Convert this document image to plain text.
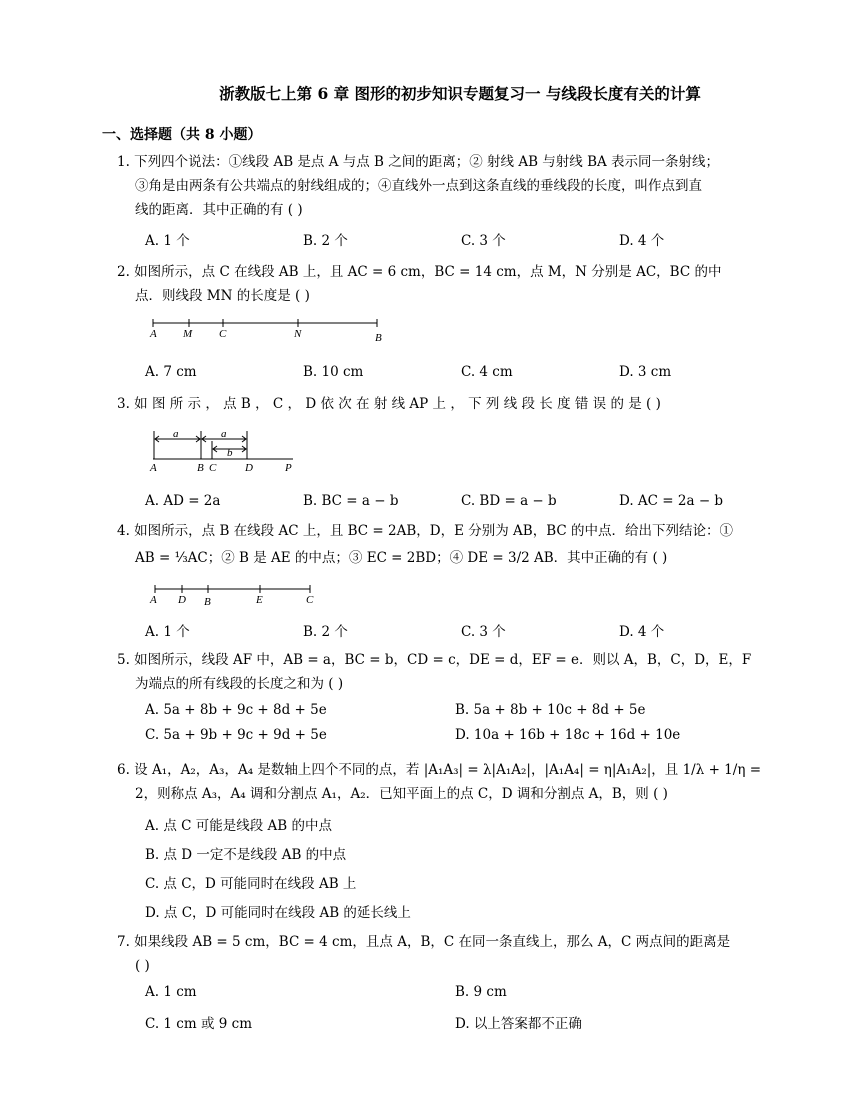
浙教版七上第 6 章 图形的初步知识专题复习一 与线段长度有关的计算
一、选择题（共 8 小题）
1. 下列四个说法：①线段 AB 是点 A 与点 B 之间的距离；② 射线 AB 与射线 BA 表示同一条射线；
③角是由两条有公共端点的射线组成的；④直线外一点到这条直线的垂线段的长度，叫作点到直
线的距离．其中正确的有 ( )
A. 1 个	B. 2 个	C. 3 个	D. 4 个
2. 如图所示，点 C 在线段 AB 上，且 AC = 6 cm，BC = 14 cm，点 M，N 分别是 AC，BC 的中
点．则线段 MN 的长度是 ( )
A M C	N	B
A. 7 cm	B. 10 cm	C. 4 cm	D. 3 cm
3. 如 图 所 示 ， 点 B ， C ， D 依 次 在 射 线 AP 上 ， 下 列 线 段 长 度 错 误 的 是 ( )
a	a
b
A	B C	D	P
A. AD = 2a	B. BC = a − b	C. BD = a − b	D. AC = 2a − b
4. 如图所示，点 B 在线段 AC 上，且 BC = 2AB，D，E 分别为 AB，BC 的中点．给出下列结论：①
AB = ⅓AC；② B 是 AE 的中点；③ EC = 2BD；④ DE = 3/2 AB．其中正确的有 ( )
A D B	E	C
A. 1 个	B. 2 个	C. 3 个	D. 4 个
5. 如图所示，线段 AF 中，AB = a，BC = b，CD = c，DE = d，EF = e．则以 A，B，C，D，E，F
为端点的所有线段的长度之和为 ( )
A. 5a + 8b + 9c + 8d + 5e	B. 5a + 8b + 10c + 8d + 5e
C. 5a + 9b + 9c + 9d + 5e	D. 10a + 16b + 18c + 16d + 10e
6. 设 A₁，A₂，A₃，A₄ 是数轴上四个不同的点，若 |A₁A₃| = λ|A₁A₂|，|A₁A₄| = η|A₁A₂|，且 1/λ + 1/η =
2，则称点 A₃，A₄ 调和分割点 A₁，A₂．已知平面上的点 C，D 调和分割点 A，B，则 ( )
A. 点 C 可能是线段 AB 的中点
B. 点 D 一定不是线段 AB 的中点
C. 点 C，D 可能同时在线段 AB 上
D. 点 C，D 可能同时在线段 AB 的延长线上
7. 如果线段 AB = 5 cm，BC = 4 cm，且点 A，B，C 在同一条直线上，那么 A，C 两点间的距离是
( )
A. 1 cm	B. 9 cm
C. 1 cm 或 9 cm	D. 以上答案都不正确
